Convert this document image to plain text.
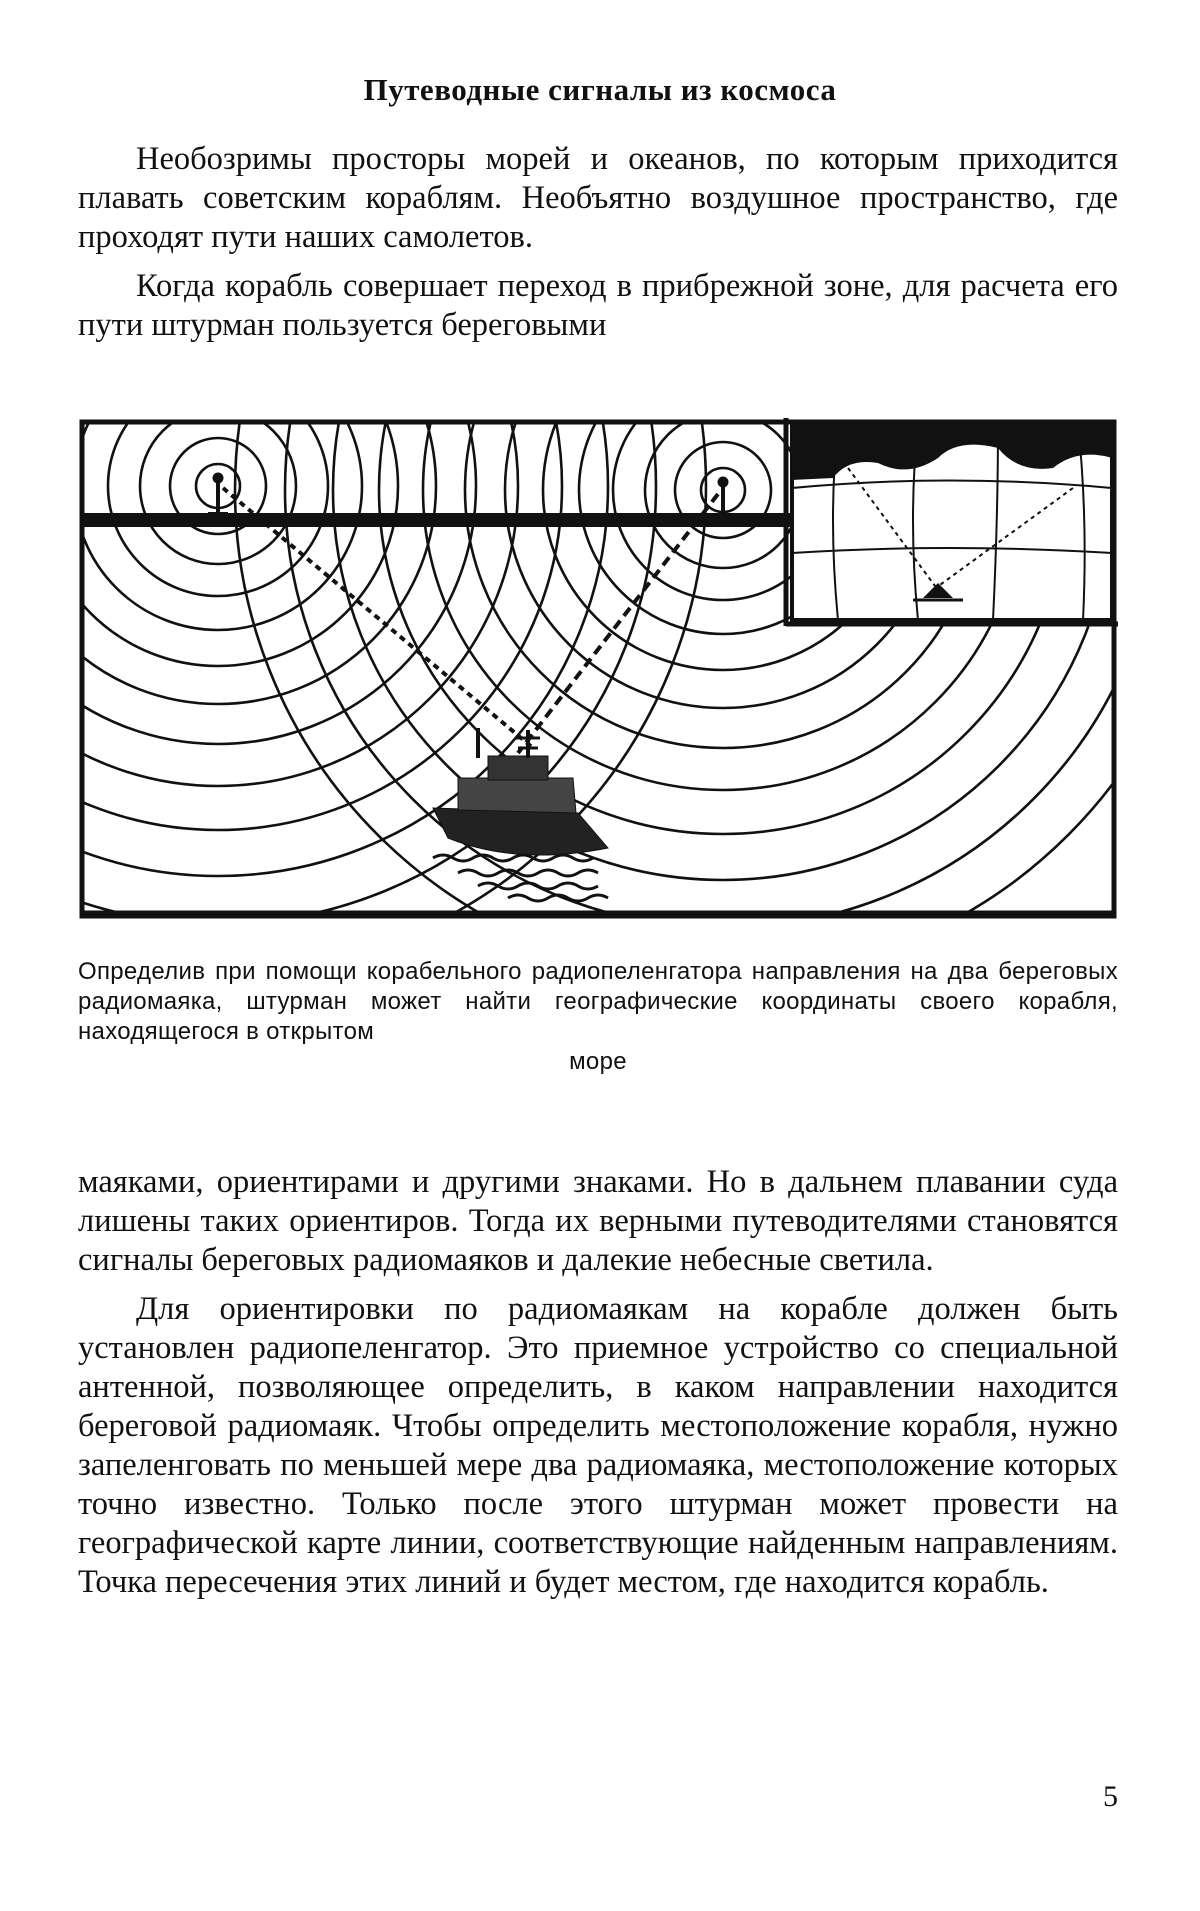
Путеводные сигналы из космоса

Необозримы просторы морей и океанов, по которым приходится плавать советским кораблям. Необъятно воздушное пространство, где проходят пути наших самолетов.

Когда корабль совершает переход в прибрежной зоне, для расчета его пути штурман пользуется береговыми

Определив при помощи корабельного радиопеленгатора направления на два береговых радиомаяка, штурман может найти географические координаты своего корабля, находящегося в открытом
море

маяками, ориентирами и другими знаками. Но в дальнем плавании суда лишены таких ориентиров. Тогда их верными путеводителями становятся сигналы береговых радиомаяков и далекие небесные светила.

Для ориентировки по радиомаякам на корабле должен быть установлен радиопеленгатор. Это приемное устройство со специальной антенной, позволяющее определить, в каком направлении находится береговой радиомаяк. Чтобы определить местоположение корабля, нужно запеленговать по меньшей мере два радиомаяка, местоположение которых точно известно. Только после этого штурман может провести на географической карте линии, соответствующие найденным направлениям. Точка пересечения этих линий и будет местом, где находится корабль.

5
